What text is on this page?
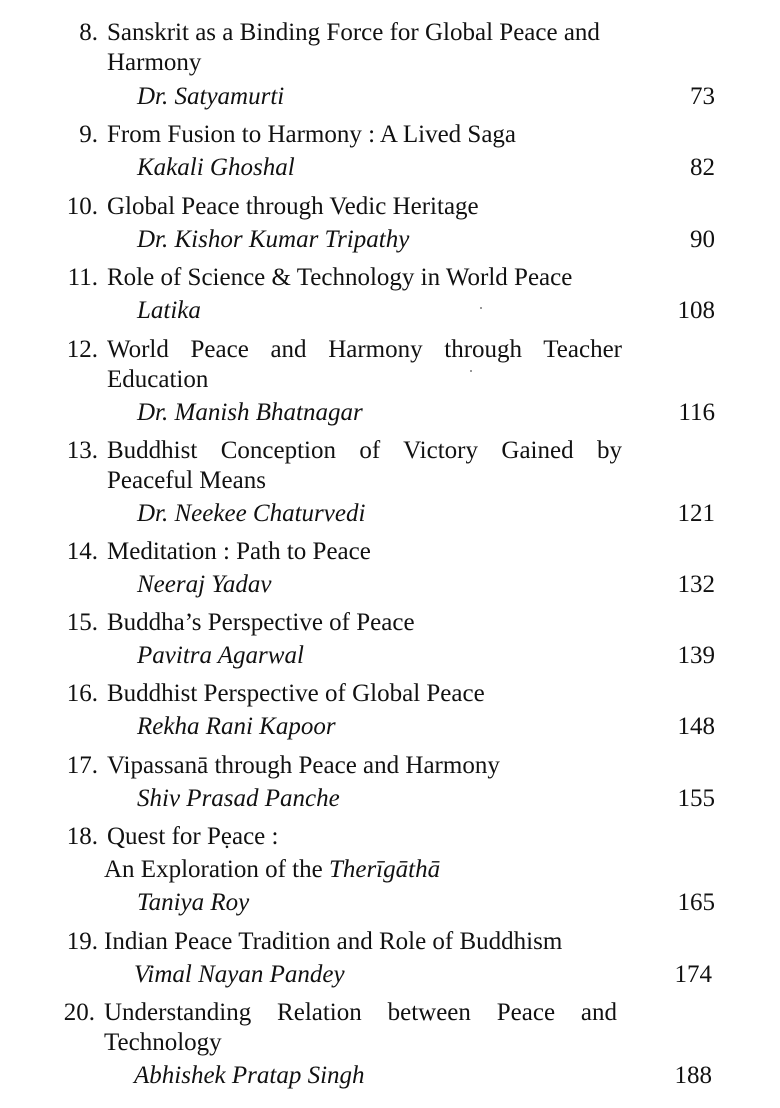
8. Sanskrit as a Binding Force for Global Peace and
Harmony
Dr. Satyamurti	73
9. From Fusion to Harmony : A Lived Saga
Kakali Ghoshal	82
10. Global Peace through Vedic Heritage
Dr. Kishor Kumar Tripathy	90
11. Role of Science & Technology in World Peace
Latika	108
12. World Peace and Harmony through Teacher
Education
Dr. Manish Bhatnagar	116
13. Buddhist Conception of Victory Gained by
Peaceful Means
Dr. Neekee Chaturvedi	121
14. Meditation : Path to Peace
Neeraj Yadav	132
15. Buddha’s Perspective of Peace
Pavitra Agarwal	139
16. Buddhist Perspective of Global Peace
Rekha Rani Kapoor	148
17. Vipassanā through Peace and Harmony
Shiv Prasad Panche	155
18. Quest for Pẹace :
An Exploration of the Therīgāthā
Taniya Roy	165
19. Indian Peace Tradition and Role of Buddhism
Vimal Nayan Pandey	174
20. Understanding Relation between Peace and
Technology
Abhishek Pratap Singh	188
